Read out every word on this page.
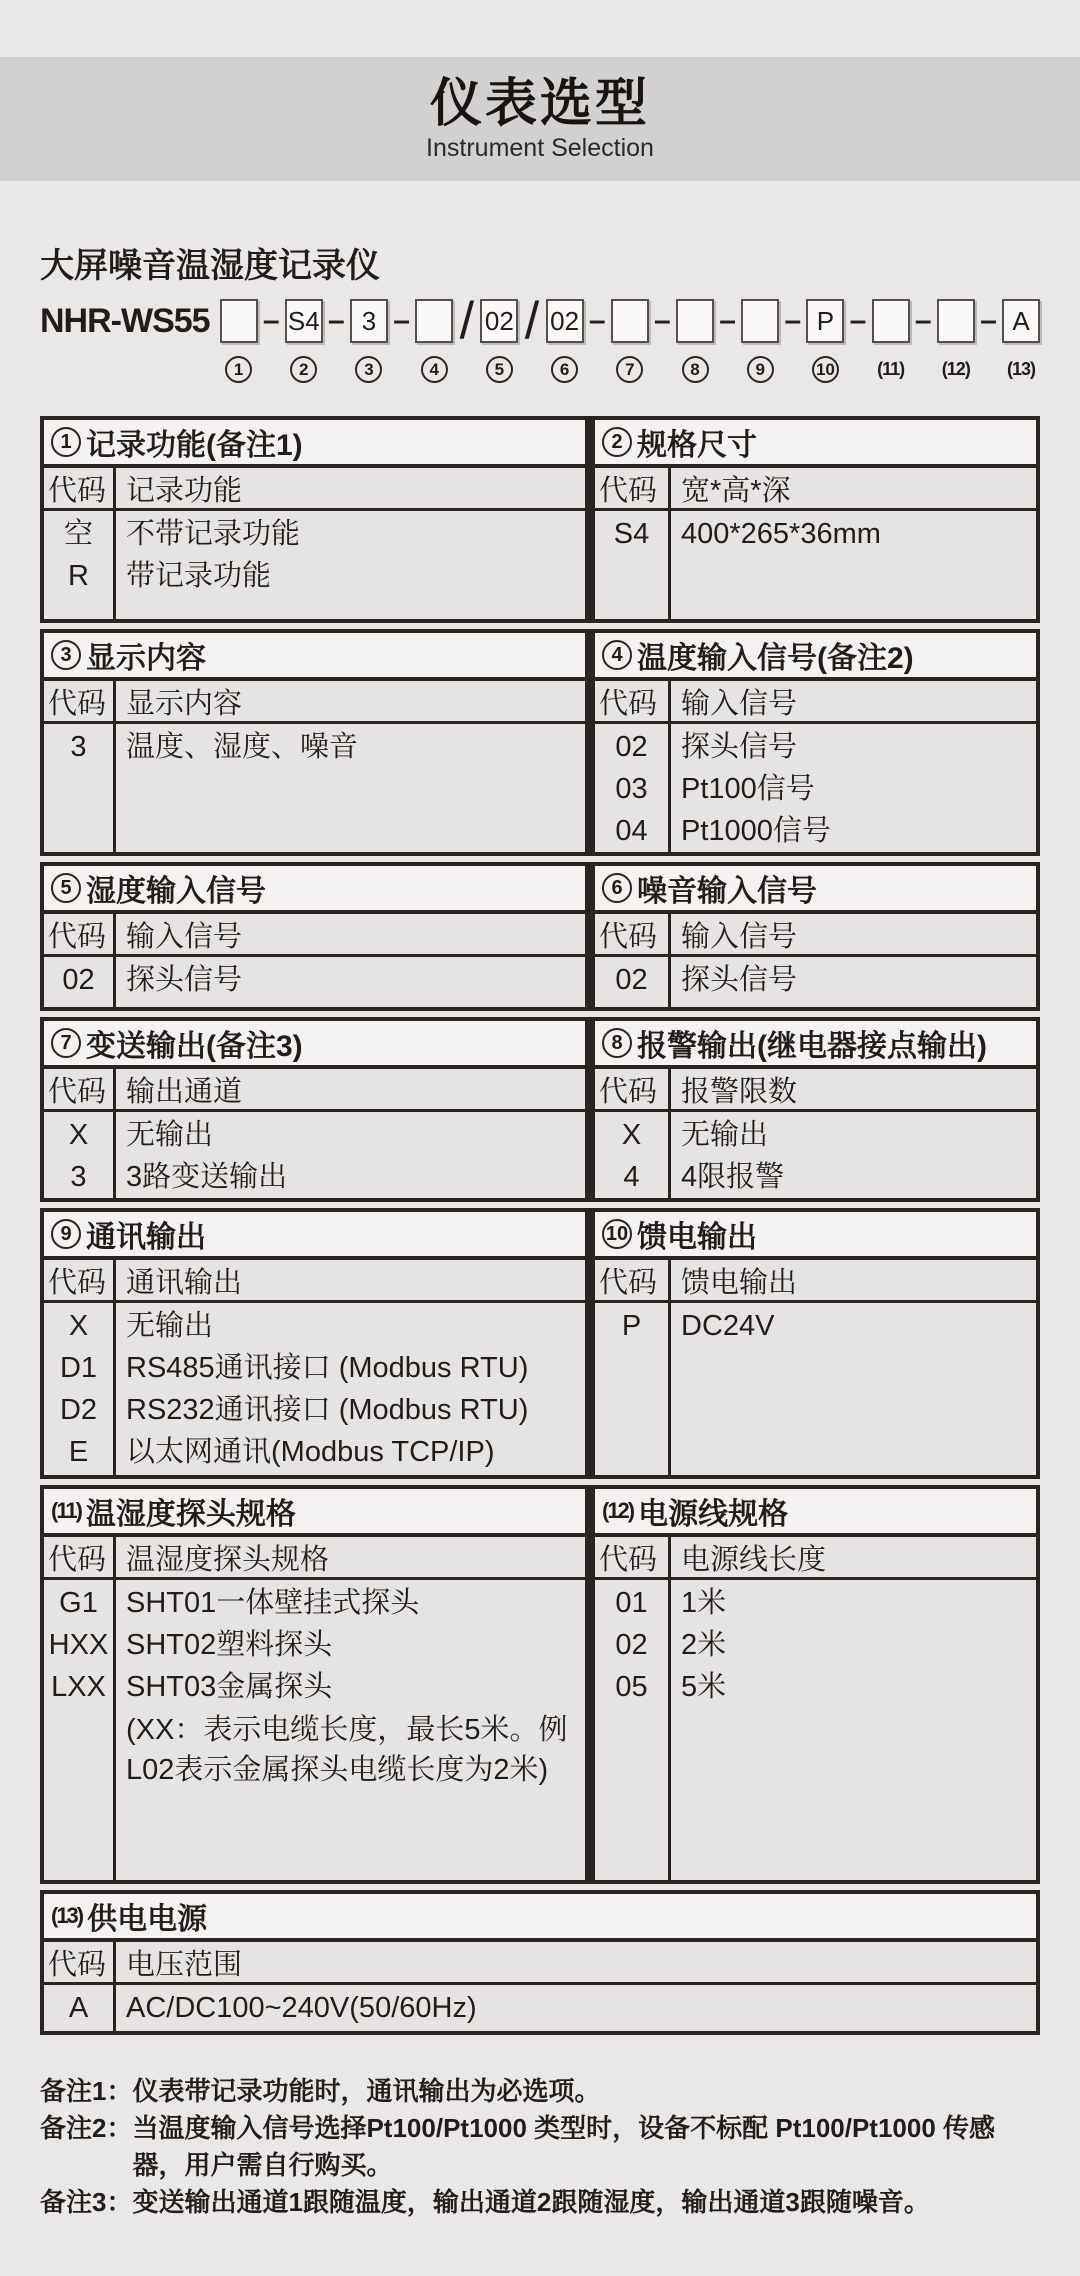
仪表选型
Instrument Selection
大屏噪音温湿度记录仪
NHR-WS55
1
– S4
2
– 3
3
–
4
/ 02
5
/ 02
6
–
7
–
8
–
9
– P
10
–
(11)
–
(12)
– A
(13)
1 记录功能(备注1)
代码 记录功能
空
R
不带记录功能
带记录功能
2 规格尺寸
代码 宽*高*深
S4 400*265*36mm
3 显示内容
代码 显示内容
3 温度、湿度、噪音
4 温度输入信号(备注2)
代码 输入信号
02
03
04
探头信号
Pt100信号
Pt1000信号
5 湿度输入信号
代码 输入信号
02 探头信号
6 噪音输入信号
代码 输入信号
02 探头信号
7 变送输出(备注3)
代码 输出通道
X
3
无输出
3路变送输出
8 报警输出(继电器接点输出)
代码 报警限数
X
4
无输出
4限报警
9 通讯输出
代码 通讯输出
X
D1
D2
E
无输出
RS485通讯接口 (Modbus RTU)
RS232通讯接口 (Modbus RTU)
以太网通讯(Modbus TCP/IP)
10 馈电输出
代码 馈电输出
P DC24V
(11) 温湿度探头规格
代码 温湿度探头规格
G1
HXX
LXX
SHT01一体壁挂式探头
SHT02塑料探头
SHT03金属探头
(XX：表示电缆长度，最长5米。例L02表示金属探头电缆长度为2米)
(12) 电源线规格
代码 电源线长度
01
02
05
1米
2米
5米
(13) 供电电源
代码 电压范围
A AC/DC100~240V(50/60Hz)
备注1： 仪表带记录功能时，通讯输出为必选项。
备注2： 当温度输入信号选择Pt100/Pt1000 类型时，设备不标配 Pt100/Pt1000 传感器，用户需自行购买。
备注3： 变送输出通道1跟随温度，输出通道2跟随湿度，输出通道3跟随噪音。
